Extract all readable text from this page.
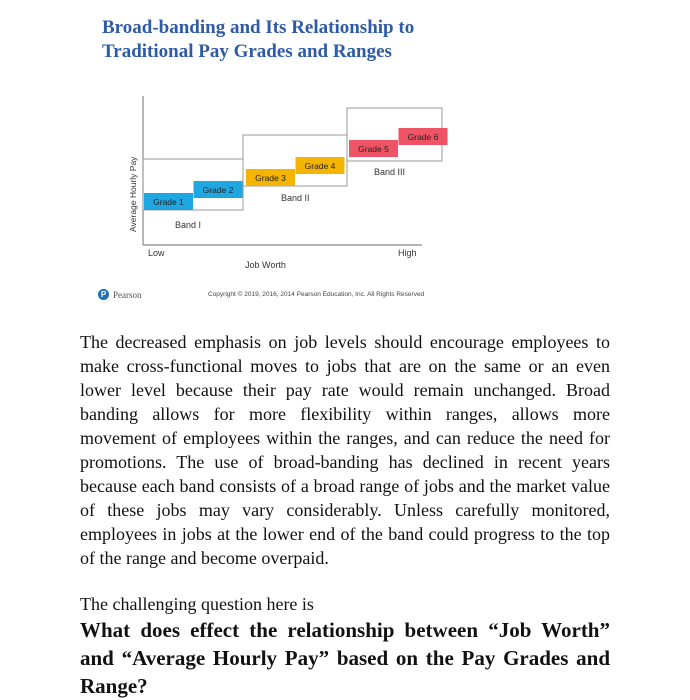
Broad-banding and Its Relationship to
Traditional Pay Grades and Ranges
Grade 1
Grade 2
Grade 3
Grade 4
Grade 5
Grade 6
Band I
Band II
Band III
Average Hourly Pay
Low	High
Job Worth
P Pearson	Copyright © 2019, 2016, 2014 Pearson Education, Inc. All Rights Reserved
The decreased emphasis on job levels should encourage employees to make cross-functional moves to jobs that are on the same or an even lower level because their pay rate would remain unchanged. Broad banding allows for more flexibility within ranges, allows more movement of employees within the ranges, and can reduce the need for promotions. The use of broad-banding has declined in recent years because each band consists of a broad range of jobs and the market value of these jobs may vary considerably. Unless carefully monitored, employees in jobs at the lower end of the band could progress to the top of the range and become overpaid.
The challenging question here is
What does effect the relationship between “Job Worth” and “Average Hourly Pay” based on the Pay Grades and Range?
